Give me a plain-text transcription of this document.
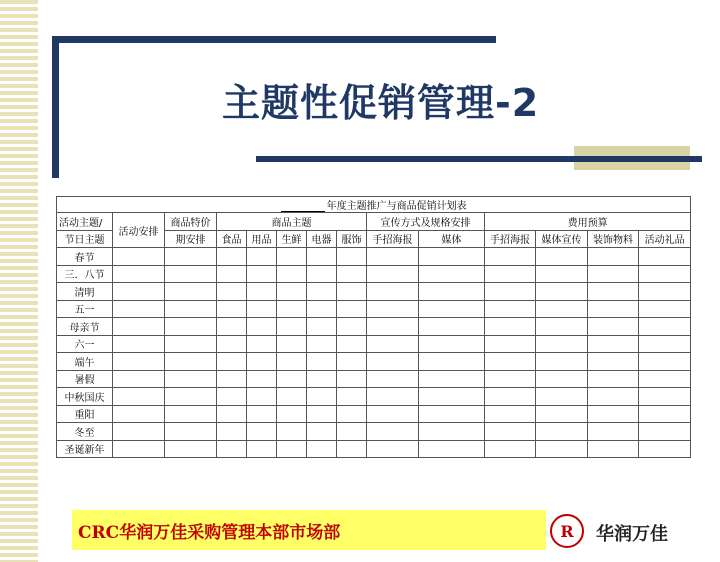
主题性促销管理-2
年度主题推广与商品促销计划表													
活动主题/	活动安排	商品特价	商品主题					宣传方式及规格安排		费用预算			
节日主题		期安排	食品	用品	生鲜	电器	服饰	手招海报	媒体	手招海报	媒体宣传	装饰物料	活动礼品
春节													
三．八节													
清明													
五一													
母亲节													
六一													
端午													
暑假													
中秋国庆													
重阳													
冬至													
圣诞新年													
CRC华润万佳采购管理本部市场部	R 华润万佳
